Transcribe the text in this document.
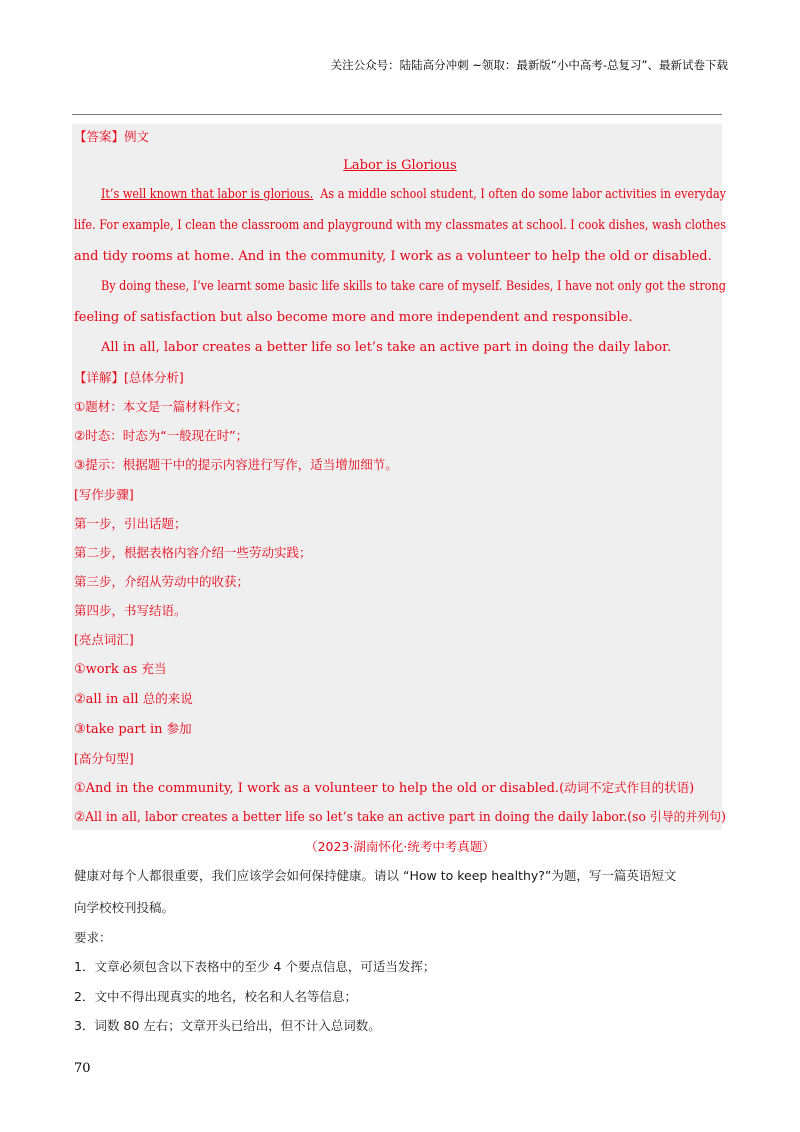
关注公众号：陆陆高分冲刺 ~领取：最新版“小中高考-总复习”、最新试卷下载
【答案】例文
Labor is Glorious
It’s well known that labor is glorious.  As a middle school student, I often do some labor activities in everyday
life. For example, I clean the classroom and playground with my classmates at school. I cook dishes, wash clothes
and tidy rooms at home. And in the community, I work as a volunteer to help the old or disabled.
By doing these, I’ve learnt some basic life skills to take care of myself. Besides, I have not only got the strong
feeling of satisfaction but also become more and more independent and responsible.
All in all, labor creates a better life so let’s take an active part in doing the daily labor.
【详解】[总体分析]
①题材：本文是一篇材料作文；
②时态：时态为“一般现在时”；
③提示：根据题干中的提示内容进行写作，适当增加细节。
[写作步骤]
第一步，引出话题；
第二步，根据表格内容介绍一些劳动实践；
第三步，介绍从劳动中的收获；
第四步，书写结语。
[亮点词汇]
①work as 充当
②all in all 总的来说
③take part in 参加
[高分句型]
①And in the community, I work as a volunteer to help the old or disabled.(动词不定式作目的状语)
②All in all, labor creates a better life so let’s take an active part in doing the daily labor.(so 引导的并列句)
（2023·湖南怀化·统考中考真题）
健康对每个人都很重要，我们应该学会如何保持健康。请以 “How to keep healthy?”为题，写一篇英语短文
向学校校刊投稿。
要求：
1．文章必须包含以下表格中的至少 4 个要点信息，可适当发挥；
2．文中不得出现真实的地名，校名和人名等信息；
3．词数 80 左右；文章开头已给出，但不计入总词数。
70
